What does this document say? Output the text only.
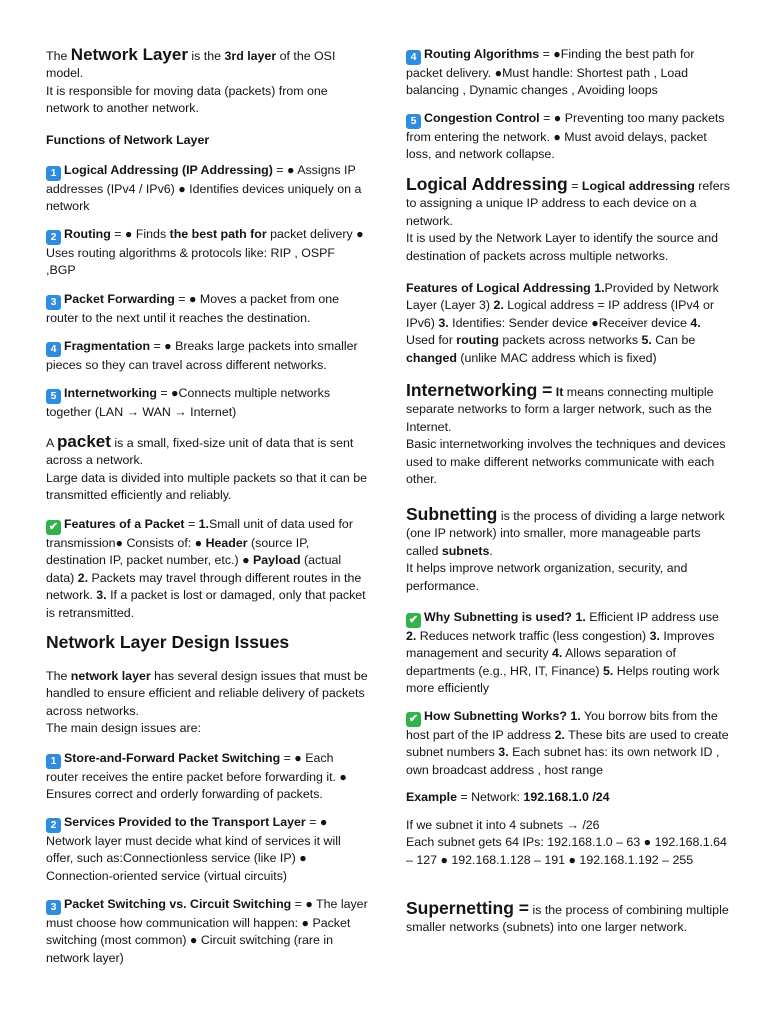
The Network Layer is the 3rd layer of the OSI model.

It is responsible for moving data (packets) from one network to another network.

Functions of Network Layer

1 Logical Addressing (IP Addressing) = ● Assigns IP addresses (IPv4 / IPv6) ● Identifies devices uniquely on a network

2 Routing = ● Finds the best path for packet delivery ● Uses routing algorithms & protocols like: RIP , OSPF ,BGP

3 Packet Forwarding = ● Moves a packet from one router to the next until it reaches the destination.

4 Fragmentation = ● Breaks large packets into smaller pieces so they can travel across different networks.

5 Internetworking = ●Connects multiple networks together (LAN → WAN → Internet)

A packet is a small, fixed-size unit of data that is sent across a network.

Large data is divided into multiple packets so that it can be transmitted efficiently and reliably.

✔ Features of a Packet = 1.Small unit of data used for transmission● Consists of: ● Header (source IP, destination IP, packet number, etc.) ● Payload (actual data) 2. Packets may travel through different routes in the network. 3. If a packet is lost or damaged, only that packet is retransmitted.

Network Layer Design Issues

The network layer has several design issues that must be handled to ensure efficient and reliable delivery of packets across networks.

The main design issues are:

1 Store-and-Forward Packet Switching = ● Each router receives the entire packet before forwarding it. ● Ensures correct and orderly forwarding of packets.

2 Services Provided to the Transport Layer = ● Network layer must decide what kind of services it will offer, such as:Connectionless service (like IP) ● Connection-oriented service (virtual circuits)

3 Packet Switching vs. Circuit Switching = ● The layer must choose how communication will happen: ● Packet switching (most common) ● Circuit switching (rare in network layer)

4 Routing Algorithms = ●Finding the best path for packet delivery. ●Must handle: Shortest path , Load balancing , Dynamic changes , Avoiding loops

5 Congestion Control = ● Preventing too many packets from entering the network. ● Must avoid delays, packet loss, and network collapse.

Logical Addressing = Logical addressing refers to assigning a unique IP address to each device on a network.

It is used by the Network Layer to identify the source and destination of packets across multiple networks.

Features of Logical Addressing 1.Provided by Network Layer (Layer 3) 2. Logical address = IP address (IPv4 or IPv6) 3. Identifies: Sender device ●Receiver device 4. Used for routing packets across networks 5. Can be changed (unlike MAC address which is fixed)

Internetworking = It means connecting multiple separate networks to form a larger network, such as the Internet.

Basic internetworking involves the techniques and devices used to make different networks communicate with each other.

Subnetting is the process of dividing a large network (one IP network) into smaller, more manageable parts called subnets.

It helps improve network organization, security, and performance.

✔ Why Subnetting is used? 1. Efficient IP address use 2. Reduces network traffic (less congestion) 3. Improves management and security 4. Allows separation of departments (e.g., HR, IT, Finance) 5. Helps routing work more efficiently

✔ How Subnetting Works? 1. You borrow bits from the host part of the IP address 2. These bits are used to create subnet numbers 3. Each subnet has: its own network ID , own broadcast address , host range

Example = Network: 192.168.1.0 /24

If we subnet it into 4 subnets → /26

Each subnet gets 64 IPs: 192.168.1.0 – 63 ● 192.168.1.64 – 127 ● 192.168.1.128 – 191 ● 192.168.1.192 – 255

Supernetting = is the process of combining multiple smaller networks (subnets) into one larger network.
